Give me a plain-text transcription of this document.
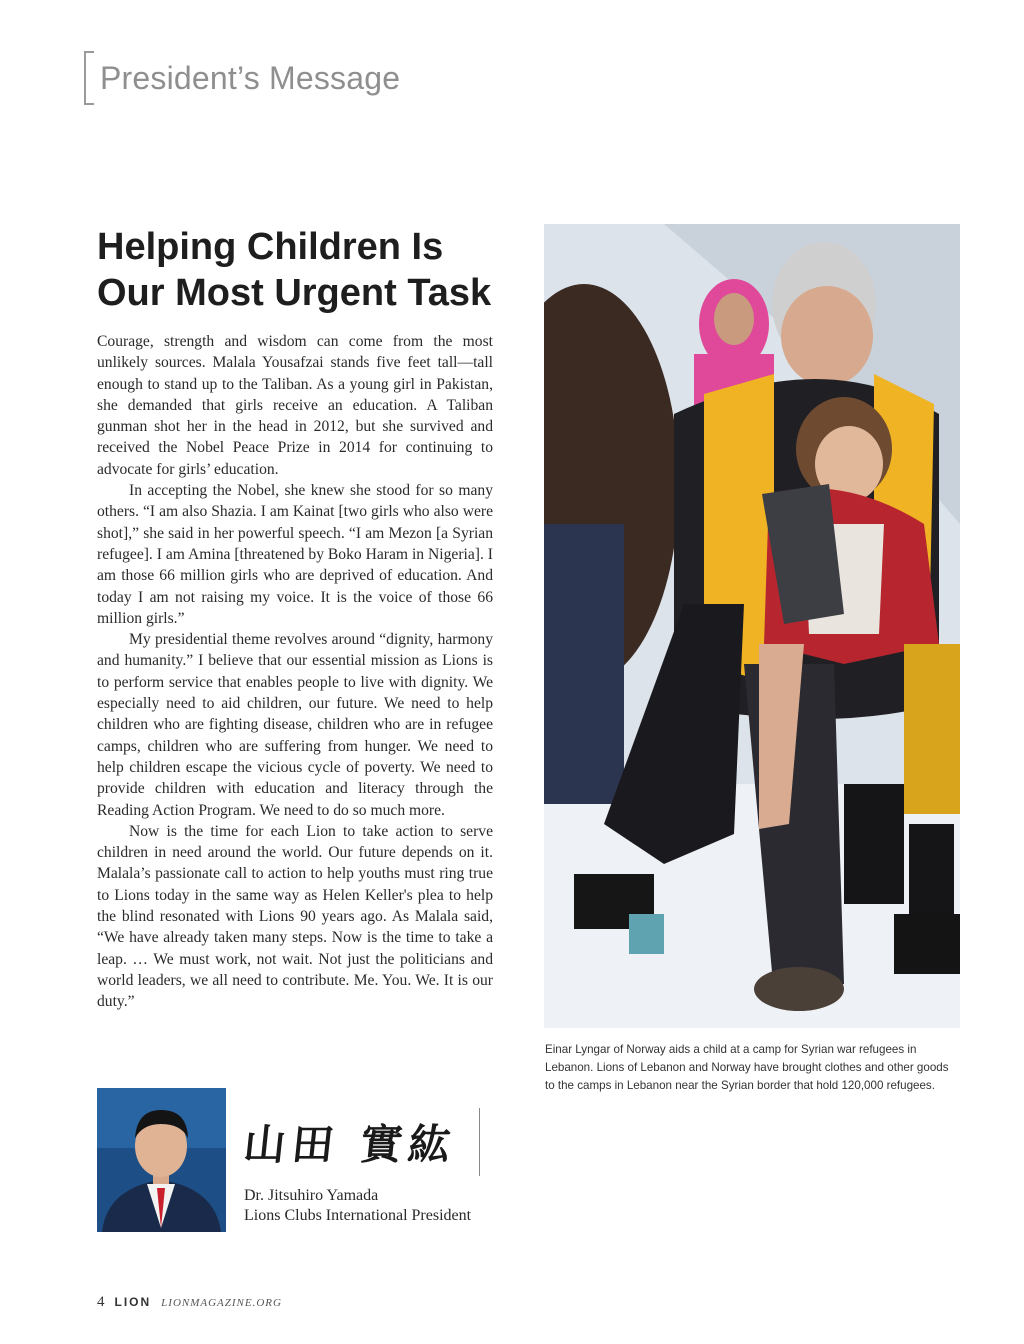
President’s Message
Helping Children Is
Our Most Urgent Task

Courage, strength and wisdom can come from the most unlikely sources. Malala Yousafzai stands five feet tall—tall enough to stand up to the Taliban. As a young girl in Pakistan, she demanded that girls receive an education. A Taliban gunman shot her in the head in 2012, but she survived and received the Nobel Peace Prize in 2014 for continuing to advocate for girls’ education.

In accepting the Nobel, she knew she stood for so many others. “I am also Shazia. I am Kainat [two girls who also were shot],” she said in her powerful speech. “I am Mezon [a Syrian refugee]. I am Amina [threatened by Boko Haram in Nigeria]. I am those 66 million girls who are deprived of education. And today I am not raising my voice. It is the voice of those 66 million girls.”

My presidential theme revolves around “dignity, harmony and humanity.” I believe that our essential mission as Lions is to perform service that enables people to live with dignity. We especially need to aid children, our future. We need to help children who are fighting disease, children who are in refugee camps, children who are suffering from hunger. We need to help children escape the vicious cycle of poverty. We need to provide children with education and literacy through the Reading Action Program. We need to do so much more.

Now is the time for each Lion to take action to serve children in need around the world. Our future depends on it. Malala’s passionate call to action to help youths must ring true to Lions today in the same way as Helen Keller's plea to help the blind resonated with Lions 90 years ago. As Malala said, “We have already taken many steps. Now is the time to take a leap. … We must work, not wait. Not just the politicians and world leaders, we all need to contribute. Me. You. We. It is our duty.”

Einar Lyngar of Norway aids a child at a camp for Syrian war refugees in Lebanon. Lions of Lebanon and Norway have brought clothes and other goods to the camps in Lebanon near the Syrian border that hold 120,000 refugees.
山田 實紘
Dr. Jitsuhiro Yamada
Lions Clubs International President
4 LION LIONMAGAZINE.ORG
